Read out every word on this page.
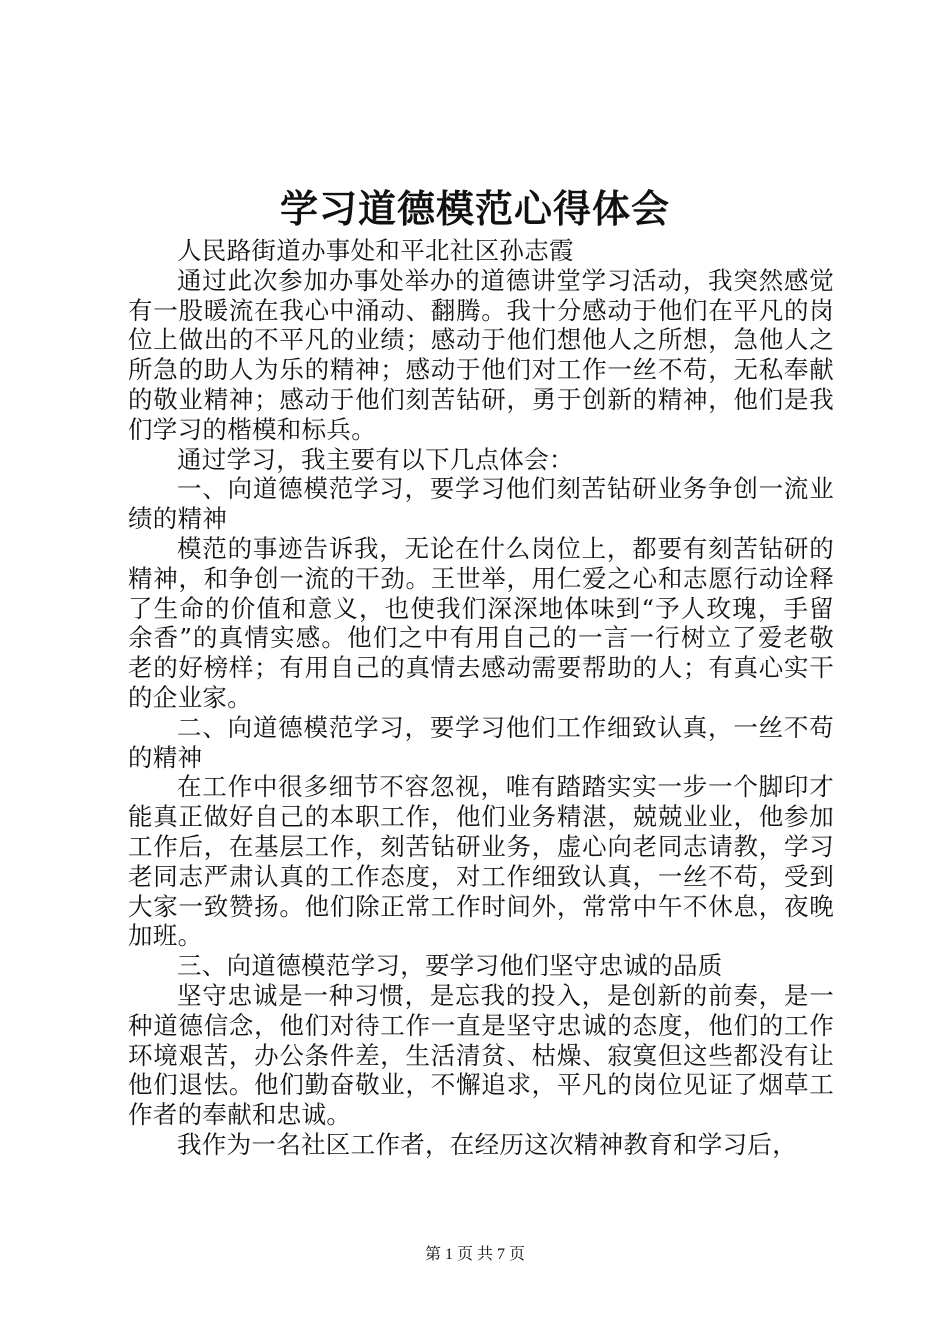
学习道德模范心得体会

人民路街道办事处和平北社区孙志霞

通过此次参加办事处举办的道德讲堂学习活动，我突然感觉有一股暖流在我心中涌动、翻腾。我十分感动于他们在平凡的岗位上做出的不平凡的业绩；感动于他们想他人之所想，急他人之所急的助人为乐的精神；感动于他们对工作一丝不苟，无私奉献的敬业精神；感动于他们刻苦钻研，勇于创新的精神，他们是我们学习的楷模和标兵。

通过学习，我主要有以下几点体会：

一、向道德模范学习，要学习他们刻苦钻研业务争创一流业绩的精神

模范的事迹告诉我，无论在什么岗位上，都要有刻苦钻研的精神，和争创一流的干劲。王世举，用仁爱之心和志愿行动诠释了生命的价值和意义，也使我们深深地体味到“予人玫瑰，手留余香”的真情实感。他们之中有用自己的一言一行树立了爱老敬老的好榜样；有用自己的真情去感动需要帮助的人；有真心实干的企业家。

二、向道德模范学习，要学习他们工作细致认真，一丝不苟的精神

在工作中很多细节不容忽视，唯有踏踏实实一步一个脚印才能真正做好自己的本职工作，他们业务精湛，兢兢业业，他参加工作后，在基层工作，刻苦钻研业务，虚心向老同志请教，学习老同志严肃认真的工作态度，对工作细致认真，一丝不苟，受到大家一致赞扬。他们除正常工作时间外，常常中午不休息，夜晚加班。

三、向道德模范学习，要学习他们坚守忠诚的品质

坚守忠诚是一种习惯，是忘我的投入，是创新的前奏，是一种道德信念，他们对待工作一直是坚守忠诚的态度，他们的工作环境艰苦，办公条件差，生活清贫、枯燥、寂寞但这些都没有让他们退怯。他们勤奋敬业，不懈追求，平凡的岗位见证了烟草工作者的奉献和忠诚。

我作为一名社区工作者，在经历这次精神教育和学习后，

第 1 页 共 7 页
